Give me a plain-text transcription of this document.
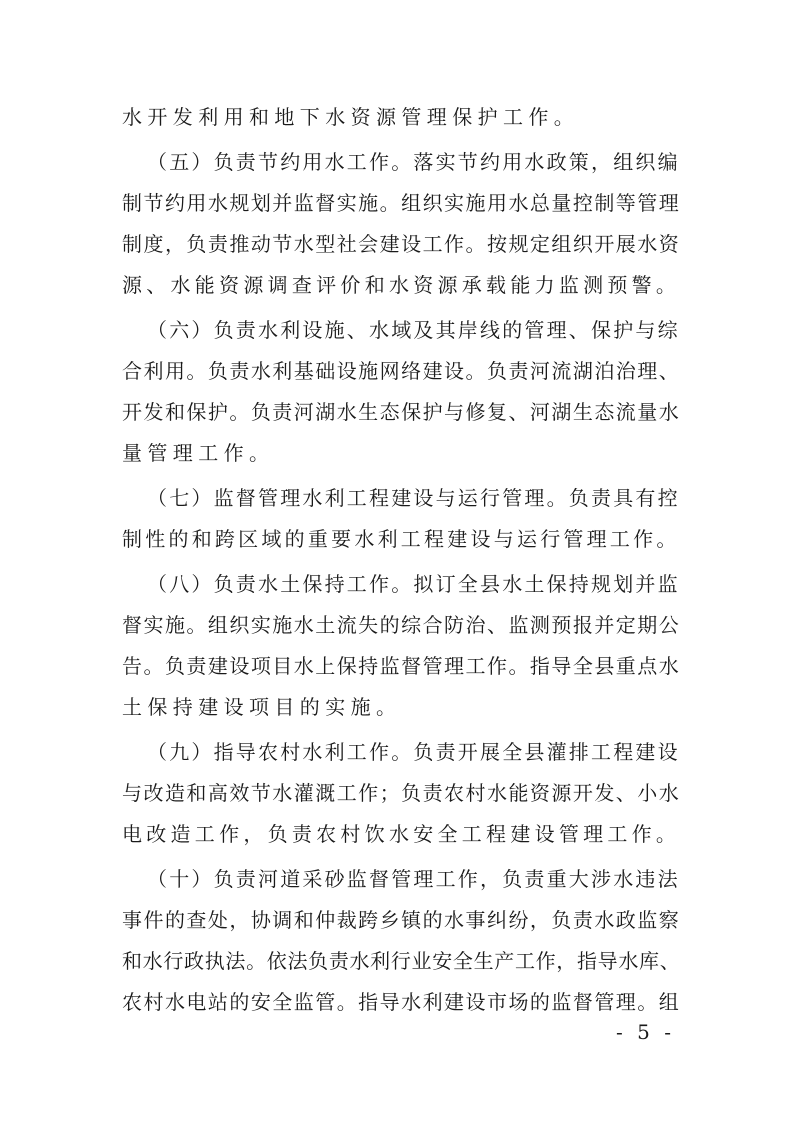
水开发利用和地下水资源管理保护工作。

（五）负责节约用水工作。落实节约用水政策，组织编

制节约用水规划并监督实施。组织实施用水总量控制等管理

制度，负责推动节水型社会建设工作。按规定组织开展水资

源、水能资源调查评价和水资源承载能力监测预警。

（六）负责水利设施、水域及其岸线的管理、保护与综

合利用。负责水利基础设施网络建设。负责河流湖泊治理、

开发和保护。负责河湖水生态保护与修复、河湖生态流量水

量管理工作。

（七）监督管理水利工程建设与运行管理。负责具有控

制性的和跨区域的重要水利工程建设与运行管理工作。

（八）负责水土保持工作。拟订全县水土保持规划并监

督实施。组织实施水土流失的综合防治、监测预报并定期公

告。负责建设项目水上保持监督管理工作。指导全县重点水

土保持建设项目的实施。

（九）指导农村水利工作。负责开展全县灌排工程建设

与改造和高效节水灌溉工作；负责农村水能资源开发、小水

电改造工作，负责农村饮水安全工程建设管理工作。

（十）负责河道采砂监督管理工作，负责重大涉水违法

事件的查处，协调和仲裁跨乡镇的水事纠纷，负责水政监察

和水行政执法。依法负责水利行业安全生产工作，指导水库、

农村水电站的安全监管。指导水利建设市场的监督管理。组

- 5 -
